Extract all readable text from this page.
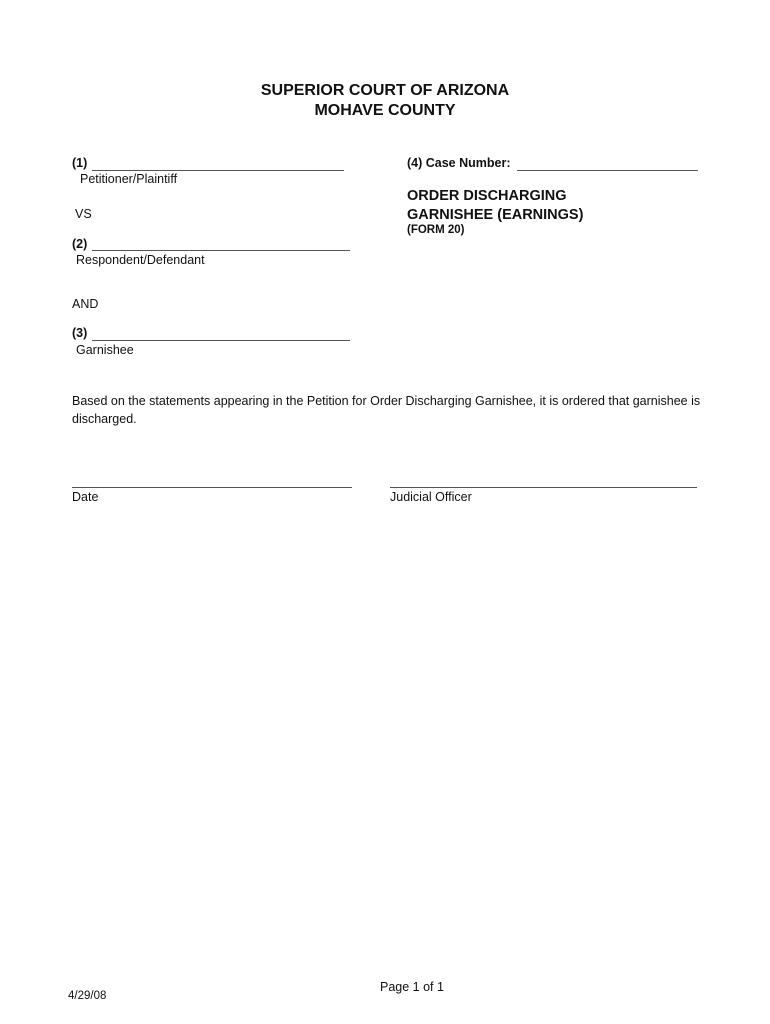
SUPERIOR COURT OF ARIZONA
MOHAVE COUNTY
(1)
Petitioner/Plaintiff
VS
(2)
Respondent/Defendant
AND
(3)
Garnishee
(4) Case Number:
ORDER DISCHARGING
GARNISHEE (EARNINGS)
(FORM 20)
Based on the statements appearing in the Petition for Order Discharging Garnishee, it is ordered that garnishee is discharged.
Date	Judicial Officer
Page 1 of 1
4/29/08
